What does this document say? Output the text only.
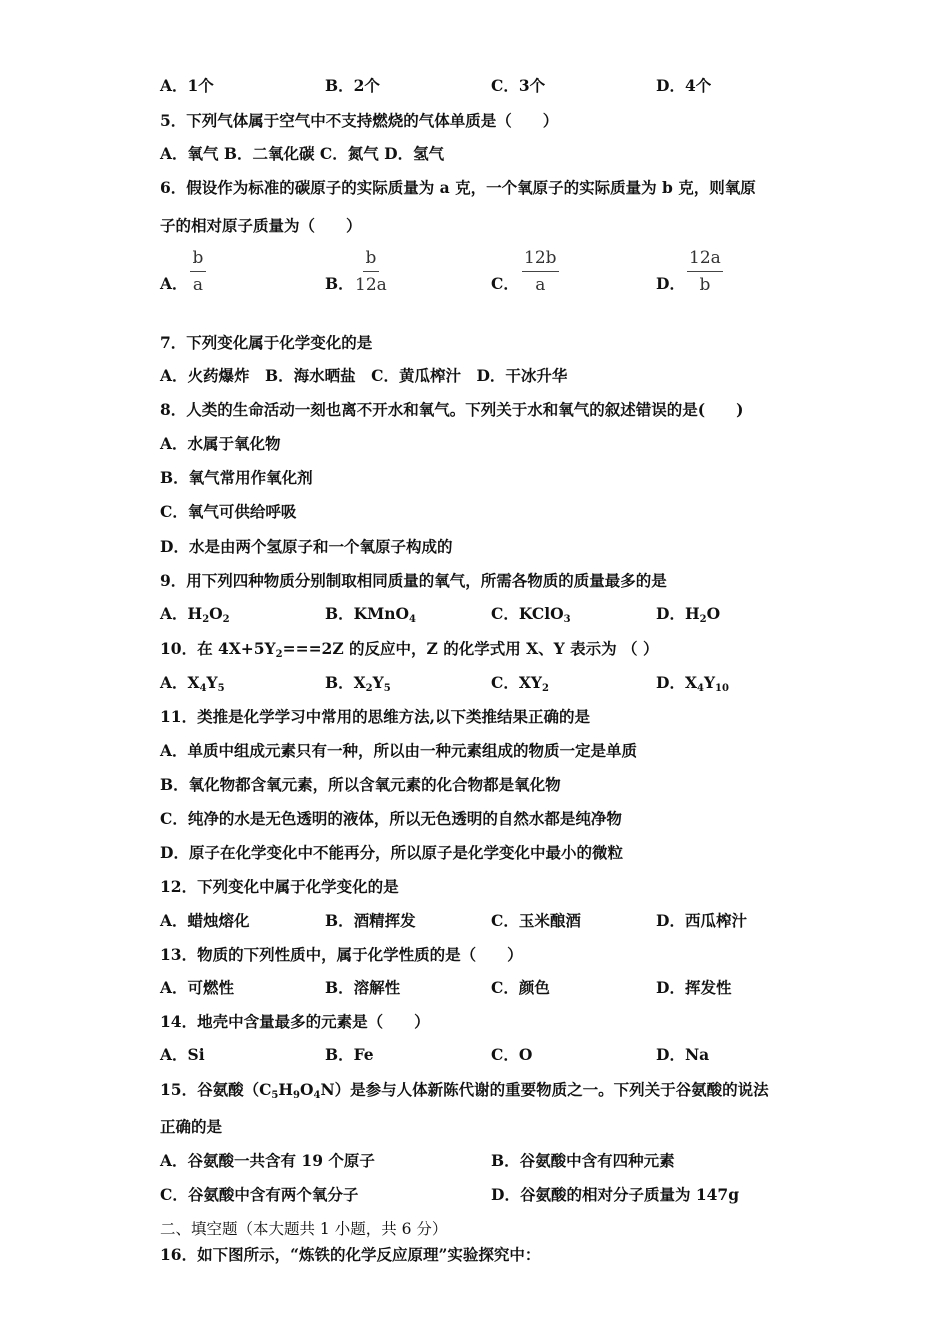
A．1个	B．2个	C．3个	D．4个
5．下列气体属于空气中不支持燃烧的气体单质是（　　）
A．氧气 B．二氧化碳 C．氮气 D．氢气
6．假设作为标准的碳原子的实际质量为 a 克，一个氧原子的实际质量为 b 克，则氧原
子的相对原子质量为（　　）
A． $\frac{b}{a}$	B． $\frac{b}{12a}$	C． $\frac{12b}{a}$	D． $\frac{12a}{b}$
7．下列变化属于化学变化的是
A．火药爆炸　B．海水晒盐　C．黄瓜榨汁　D．干冰升华
8．人类的生命活动一刻也离不开水和氧气。下列关于水和氧气的叙述错误的是(　　)
A．水属于氧化物
B．氧气常用作氧化剂
C．氧气可供给呼吸
D．水是由两个氢原子和一个氧原子构成的
9．用下列四种物质分别制取相同质量的氧气，所需各物质的质量最多的是
A．$H_2O_2$	B．KMnO$_4$	C．KClO$_3$	D．$H_2O$
10．在 $4X+5Y_2===2Z$ 的反应中，Z 的化学式用 X、Y 表示为 （ ）
A．$X_4Y_5$	B．$X_2Y_5$	C．$XY_2$	D．$X_4Y_{10}$
11．类推是化学学习中常用的思维方法,以下类推结果正确的是
A．单质中组成元素只有一种，所以由一种元素组成的物质一定是单质
B．氧化物都含氧元素，所以含氧元素的化合物都是氧化物
C．纯净的水是无色透明的液体，所以无色透明的自然水都是纯净物
D．原子在化学变化中不能再分，所以原子是化学变化中最小的微粒
12．下列变化中属于化学变化的是
A．蜡烛熔化	B．酒精挥发	C．玉米酿酒	D．西瓜榨汁
13．物质的下列性质中，属于化学性质的是（　　）
A．可燃性	B．溶解性	C．颜色	D．挥发性
14．地壳中含量最多的元素是（　　）
A．Si	B．Fe	C．O	D．Na
15．谷氨酸$(C_5H_9O_4N)$是参与人体新陈代谢的重要物质之一。下列关于谷氨酸的说法
正确的是
A．谷氨酸一共含有 19 个原子	B．谷氨酸中含有四种元素
C．谷氨酸中含有两个氧分子	D．谷氨酸的相对分子质量为 147g
二、填空题（本大题共 1 小题，共 6 分）
16．如下图所示，“炼铁的化学反应原理”实验探究中：
